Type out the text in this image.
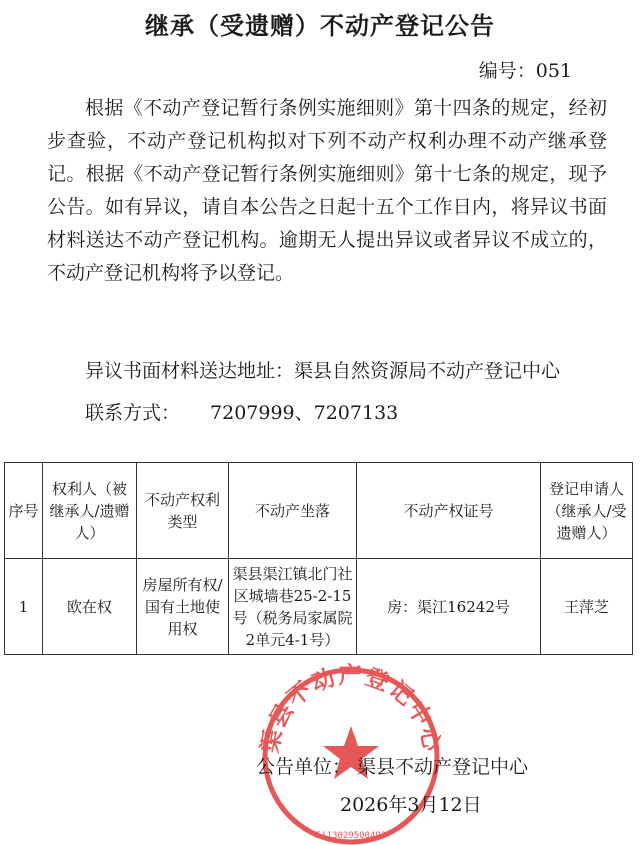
继承（受遗赠）不动产登记公告
编号：051

根据《不动产登记暂行条例实施细则》第十四条的规定，经初步查验，不动产登记机构拟对下列不动产权利办理不动产继承登记。根据《不动产登记暂行条例实施细则》第十七条的规定，现予公告。如有异议，请自本公告之日起十五个工作日内，将异议书面材料送达不动产登记机构。逾期无人提出异议或者异议不成立的，不动产登记机构将予以登记。

异议书面材料送达地址：渠县自然资源局不动产登记中心
联系方式： 7207999、7207133
序号	权利人（被继承人/遗赠人）	不动产权利类型	不动产坐落	不动产权证号	登记申请人（继承人/受遗赠人）
1	欧在权	房屋所有权/国有土地使用权	渠县渠江镇北门社区城墙巷25-2-15号（税务局家属院2单元4-1号）	房：渠江16242号	王萍芝
渠县不动产登记中心
5113029500493
公告单位： 渠县不动产登记中心
2026年3月12日
